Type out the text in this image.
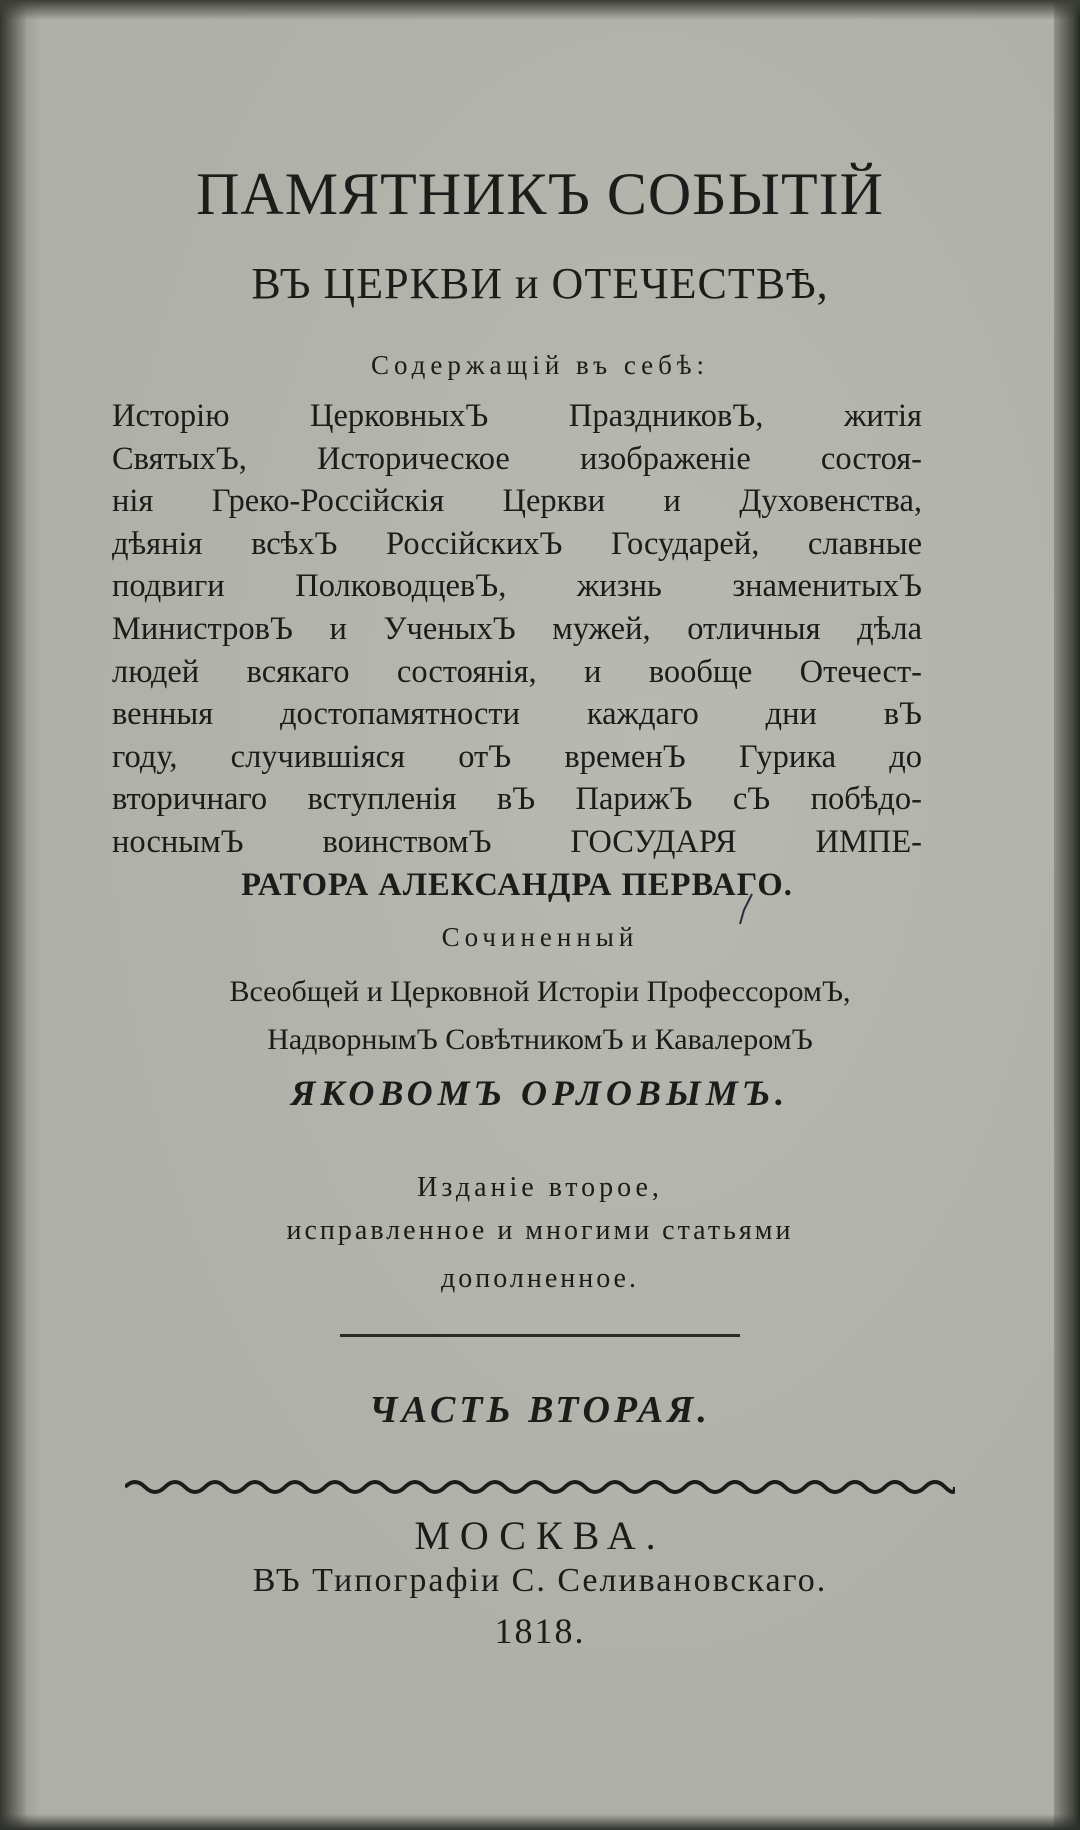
ПАМЯТНИКЪ СОБЫТІЙ
ВЪ ЦЕРКВИ и ОТЕЧЕСТВѢ,
Содержащій въ себѣ:
Исторію ЦерковныхЪ ПраздниковЪ, житія
СвятыхЪ, Историческое изображеніе состоя-
нія Греко-Россійскія Церкви и Духовенства,
дѣянія всѣхЪ РоссійскихЪ Государей, славные
подвиги ПолководцевЪ, жизнь знаменитыхЪ
МинистровЪ и УченыхЪ мужей, отличныя дѣла
людей всякаго состоянія, и вообще Отечест-
венныя достопамятности каждаго дни вЪ
году, случившіяся отЪ временЪ Гурика до
вторичнаго вступленія вЪ ПарижЪ сЪ побѣдо-
носнымЪ воинствомЪ ГОСУДАРЯ ИМПЕ-
РАТОРА АЛЕКСАНДРА ПЕРВАГО.
Сочиненный
Всеобщей и Церковной Исторіи ПрофессоромЪ,
НадворнымЪ СовѣтникомЪ и КавалеромЪ
ЯКОВОМЪ ОРЛОВЫМЪ.
Изданіе второе,
исправленное и многими статьями
дополненное.
ЧАСТЬ ВТОРАЯ.
МОСКВА.
ВЪ Типографіи С. Селивановскаго.
1818.
